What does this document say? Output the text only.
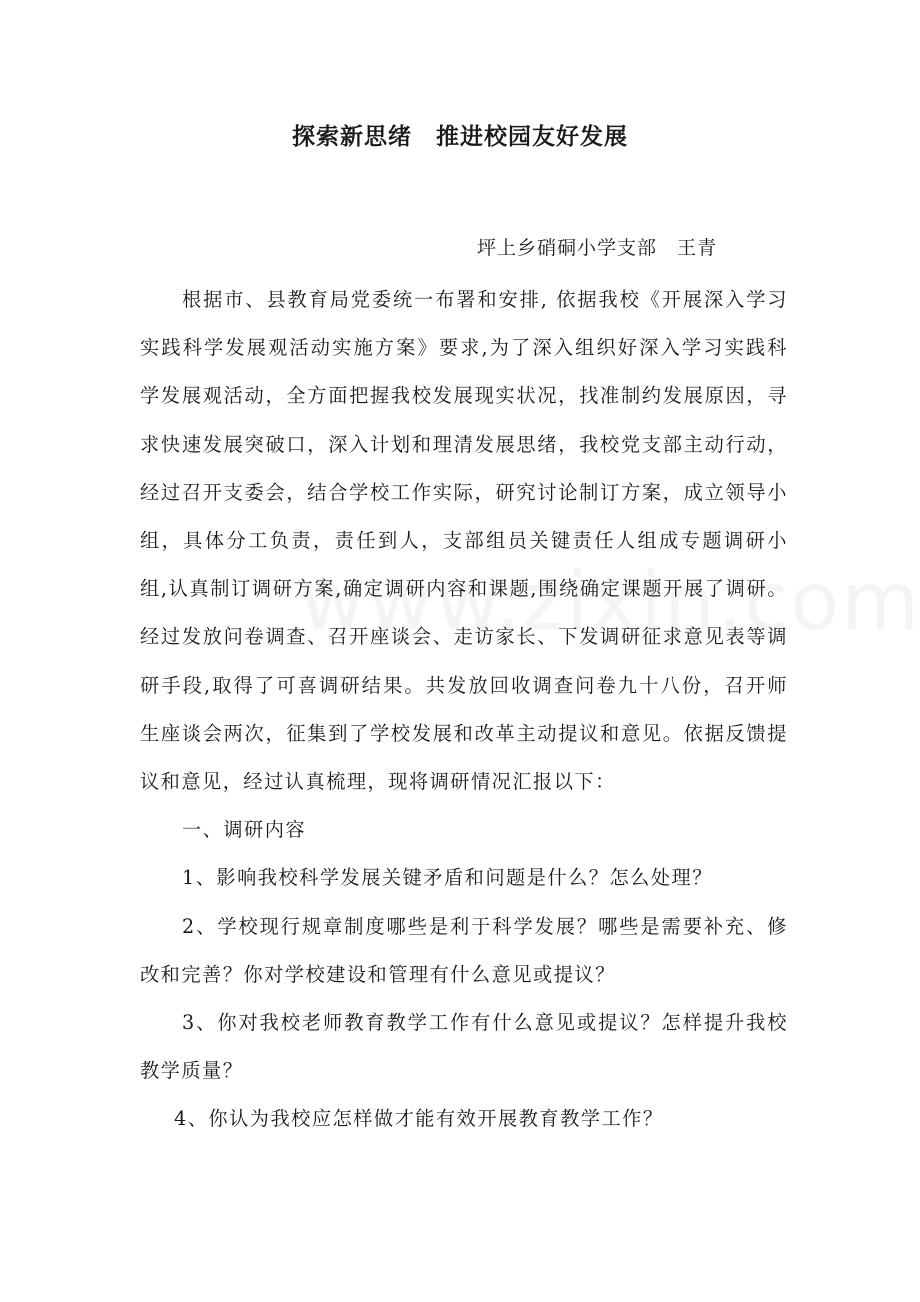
探索新思绪　推进校园友好发展
坪上乡硝硐小学支部　王青

根据市、县教育局党委统一布署和安排, 依据我校《开展深入学习实践科学发展观活动实施方案》要求,为了深入组织好深入学习实践科学发展观活动，全方面把握我校发展现实状况，找准制约发展原因，寻求快速发展突破口，深入计划和理清发展思绪，我校党支部主动行动，经过召开支委会，结合学校工作实际，研究讨论制订方案，成立领导小组，具体分工负责，责任到人，支部组员关键责任人组成专题调研小组,认真制订调研方案,确定调研内容和课题,围绕确定课题开展了调研。经过发放问卷调查、召开座谈会、走访家长、下发调研征求意见表等调研手段,取得了可喜调研结果。共发放回收调查问卷九十八份，召开师生座谈会两次，征集到了学校发展和改革主动提议和意见。依据反馈提议和意见，经过认真梳理，现将调研情况汇报以下：

一、调研内容

1、影响我校科学发展关键矛盾和问题是什么？怎么处理？

2、学校现行规章制度哪些是利于科学发展？哪些是需要补充、修改和完善？你对学校建设和管理有什么意见或提议？

3、你对我校老师教育教学工作有什么意见或提议？怎样提升我校教学质量？

4、你认为我校应怎样做才能有效开展教育教学工作？
